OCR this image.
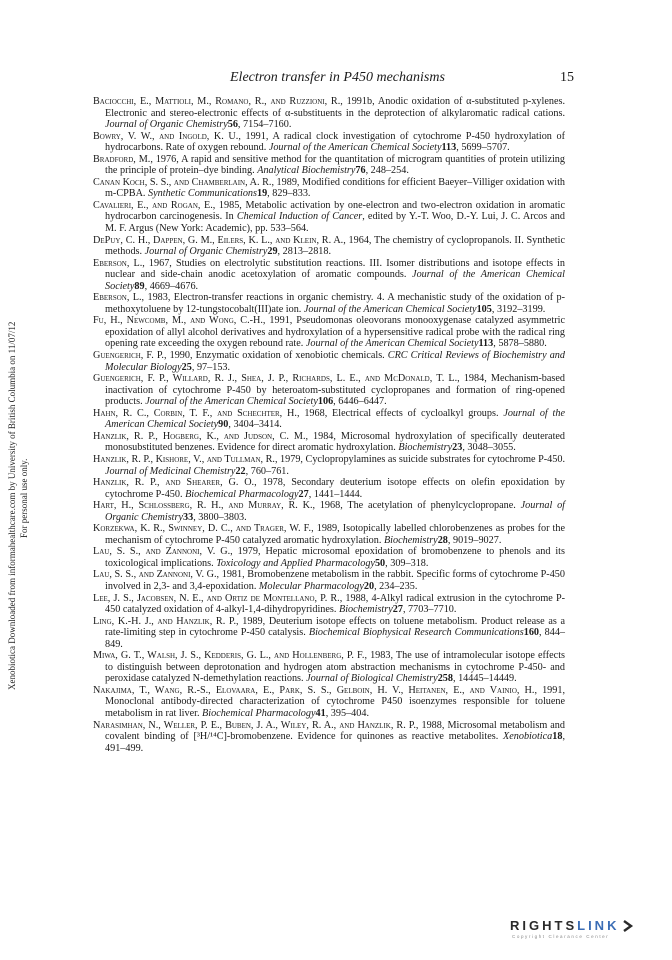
Electron transfer in P450 mechanisms	15
Xenobiotica Downloaded from informahealthcare.com by University of British Columbia on 11/07/12 For personal use only.

Baciocchi, E., Mattioli, M., Romano, R., and Ruzzioni, R., 1991b, Anodic oxidation of α-substituted p-xylenes. Electronic and stereo-electronic effects of α-substituents in the deprotection of alkylaromatic radical cations. Journal of Organic Chemistry56, 7154–7160.

Bowry, V. W., and Ingold, K. U., 1991, A radical clock investigation of cytochrome P-450 hydroxylation of hydrocarbons. Rate of oxygen rebound. Journal of the American Chemical Society113, 5699–5707.

Bradford, M., 1976, A rapid and sensitive method for the quantitation of microgram quantities of protein utilizing the principle of protein–dye binding. Analytical Biochemistry76, 248–254.

Canan Koch, S. S., and Chamberlain, A. R., 1989, Modified conditions for efficient Baeyer–Villiger oxidation with m-CPBA. Synthetic Communications19, 829–833.

Cavalieri, E., and Rogan, E., 1985, Metabolic activation by one-electron and two-electron oxidation in aromatic hydrocarbon carcinogenesis. In Chemical Induction of Cancer, edited by Y.-T. Woo, D.-Y. Lui, J. C. Arcos and M. F. Argus (New York: Academic), pp. 533–564.

DePuy, C. H., Dappen, G. M., Eilers, K. L., and Klein, R. A., 1964, The chemistry of cyclopropanols. II. Synthetic methods. Journal of Organic Chemistry29, 2813–2818.

Eberson, L., 1967, Studies on electrolytic substitution reactions. III. Isomer distributions and isotope effects in nuclear and side-chain anodic acetoxylation of aromatic compounds. Journal of the American Chemical Society89, 4669–4676.

Eberson, L., 1983, Electron-transfer reactions in organic chemistry. 4. A mechanistic study of the oxidation of p-methoxytoluene by 12-tungstocobalt(III)ate ion. Journal of the American Chemical Society105, 3192–3199.

Fu, H., Newcomb, M., and Wong, C.-H., 1991, Pseudomonas oleovorans monooxygenase catalyzed asymmetric epoxidation of allyl alcohol derivatives and hydroxylation of a hypersensitive radical probe with the radical ring opening rate exceeding the oxygen rebound rate. Journal of the American Chemical Society113, 5878–5880.

Guengerich, F. P., 1990, Enzymatic oxidation of xenobiotic chemicals. CRC Critical Reviews of Biochemistry and Molecular Biology25, 97–153.

Guengerich, F. P., Willard, R. J., Shea, J. P., Richards, L. E., and McDonald, T. L., 1984, Mechanism-based inactivation of cytochrome P-450 by heteroatom-substituted cyclopropanes and formation of ring-opened products. Journal of the American Chemical Society106, 6446–6447.

Hahn, R. C., Corbin, T. F., and Schechter, H., 1968, Electrical effects of cycloalkyl groups. Journal of the American Chemical Society90, 3404–3414.

Hanzlik, R. P., Hogberg, K., and Judson, C. M., 1984, Microsomal hydroxylation of specifically deuterated monosubstituted benzenes. Evidence for direct aromatic hydroxylation. Biochemistry23, 3048–3055.

Hanzlik, R. P., Kishore, V., and Tullman, R., 1979, Cyclopropylamines as suicide substrates for cytochrome P-450. Journal of Medicinal Chemistry22, 760–761.

Hanzlik, R. P., and Shearer, G. O., 1978, Secondary deuterium isotope effects on olefin epoxidation by cytochrome P-450. Biochemical Pharmacology27, 1441–1444.

Hart, H., Schlossberg, R. H., and Murray, R. K., 1968, The acetylation of phenylcyclopropane. Journal of Organic Chemistry33, 3800–3803.

Korzekwa, K. R., Swinney, D. C., and Trager, W. F., 1989, Isotopically labelled chlorobenzenes as probes for the mechanism of cytochrome P-450 catalyzed aromatic hydroxylation. Biochemistry28, 9019–9027.

Lau, S. S., and Zannoni, V. G., 1979, Hepatic microsomal epoxidation of bromobenzene to phenols and its toxicological implications. Toxicology and Applied Pharmacology50, 309–318.

Lau, S. S., and Zannoni, V. G., 1981, Bromobenzene metabolism in the rabbit. Specific forms of cytochrome P-450 involved in 2,3- and 3,4-epoxidation. Molecular Pharmacology20, 234–235.

Lee, J. S., Jacobsen, N. E., and Ortiz de Montellano, P. R., 1988, 4-Alkyl radical extrusion in the cytochrome P-450 catalyzed oxidation of 4-alkyl-1,4-dihydropyridines. Biochemistry27, 7703–7710.

Ling, K.-H. J., and Hanzlik, R. P., 1989, Deuterium isotope effects on toluene metabolism. Product release as a rate-limiting step in cytochrome P-450 catalysis. Biochemical Biophysical Research Communications160, 844–849.

Miwa, G. T., Walsh, J. S., Kedderis, G. L., and Hollenberg, P. F., 1983, The use of intramolecular isotope effects to distinguish between deprotonation and hydrogen atom abstraction mechanisms in cytochrome P-450- and peroxidase catalyzed N-demethylation reactions. Journal of Biological Chemistry258, 14445–14449.

Nakajima, T., Wang, R.-S., Elovaara, E., Park, S. S., Gelboin, H. V., Heitanen, E., and Vainio, H., 1991, Monoclonal antibody-directed characterization of cytochrome P450 isoenzymes responsible for toluene metabolism in rat liver. Biochemical Pharmacology41, 395–404.

Narasimhan, N., Weller, P. E., Buben, J. A., Wiley, R. A., and Hanzlik, R. P., 1988, Microsomal metabolism and covalent binding of [³H/¹⁴C]-bromobenzene. Evidence for quinones as reactive metabolites. Xenobiotica18, 491–499.

RIGHTSLINK
Copyright Clearance Center
